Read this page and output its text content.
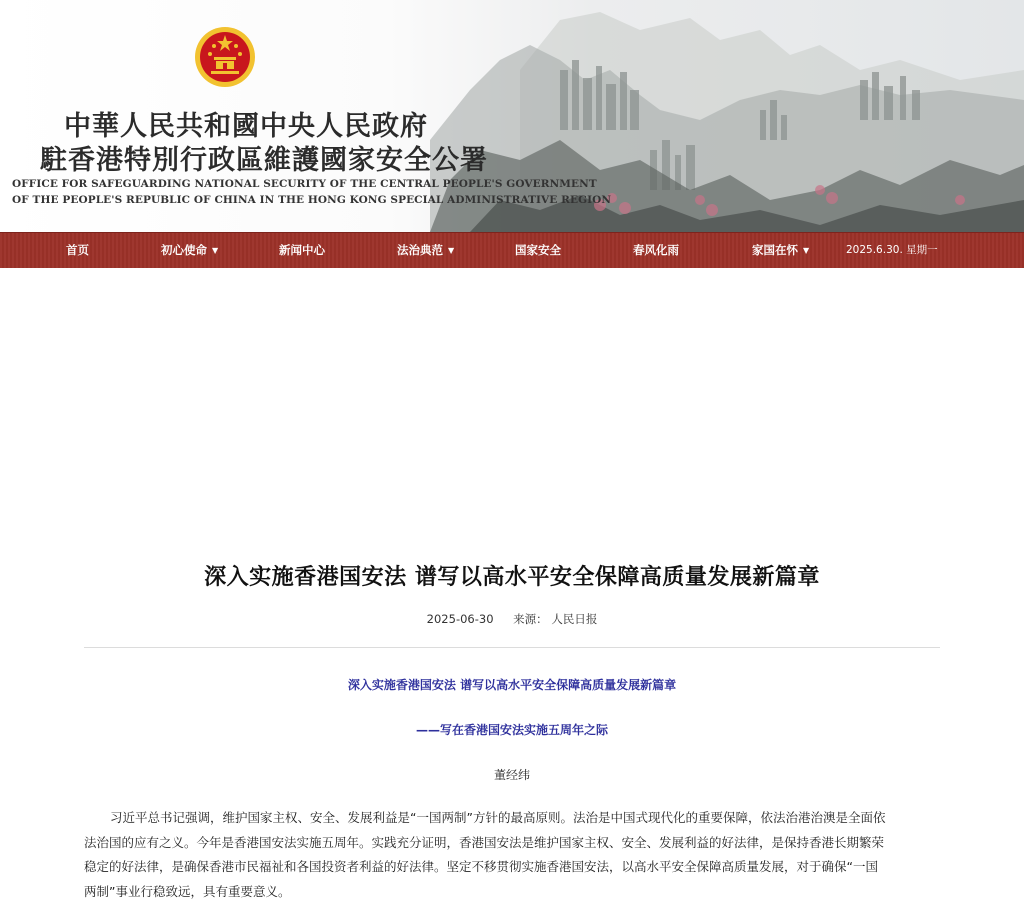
中華人民共和國中央人民政府
駐香港特別行政區維護國家安全公署
OFFICE FOR SAFEGUARDING NATIONAL SECURITY OF THE CENTRAL PEOPLE'S GOVERNMENT
OF THE PEOPLE'S REPUBLIC OF CHINA IN THE HONG KONG SPECIAL ADMINISTRATIVE REGION
首页	初心使命 ▼	新闻中心	法治典范 ▼	国家安全	春风化雨	家国在怀 ▼	2025.6.30. 星期一
深入实施香港国安法 谱写以高水平安全保障高质量发展新篇章
2025-06-30 来源： 人民日报
深入实施香港国安法 谱写以高水平安全保障高质量发展新篇章
——写在香港国安法实施五周年之际
董经纬
习近平总书记强调，维护国家主权、安全、发展利益是“一国两制”方针的最高原则。法治是中国式现代化的重要保障，依法治港治澳是全面依
法治国的应有之义。今年是香港国安法实施五周年。实践充分证明，香港国安法是维护国家主权、安全、发展利益的好法律，是保持香港长期繁荣
稳定的好法律，是确保香港市民福祉和各国投资者利益的好法律。坚定不移贯彻实施香港国安法，以高水平安全保障高质量发展，对于确保“一国
两制”事业行稳致远，具有重要意义。
